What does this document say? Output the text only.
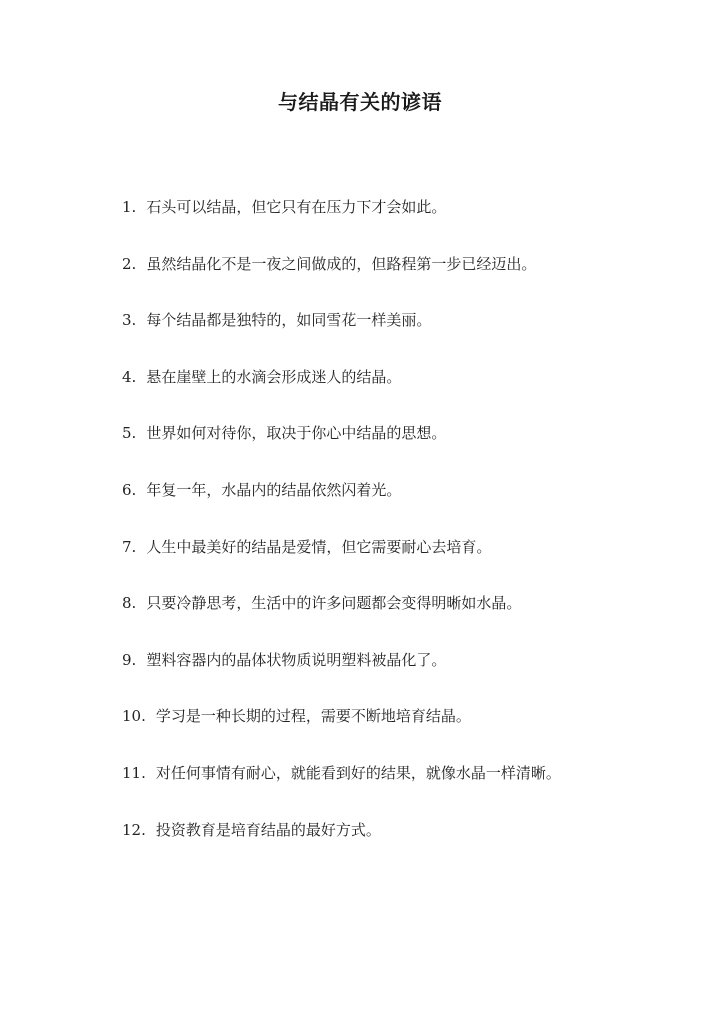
与结晶有关的谚语
1. 石头可以结晶，但它只有在压力下才会如此。
2. 虽然结晶化不是一夜之间做成的，但路程第一步已经迈出。
3. 每个结晶都是独特的，如同雪花一样美丽。
4. 悬在崖壁上的水滴会形成迷人的结晶。
5. 世界如何对待你，取决于你心中结晶的思想。
6. 年复一年，水晶内的结晶依然闪着光。
7. 人生中最美好的结晶是爱情，但它需要耐心去培育。
8. 只要冷静思考，生活中的许多问题都会变得明晰如水晶。
9. 塑料容器内的晶体状物质说明塑料被晶化了。
10. 学习是一种长期的过程，需要不断地培育结晶。
11. 对任何事情有耐心，就能看到好的结果，就像水晶一样清晰。
12. 投资教育是培育结晶的最好方式。
